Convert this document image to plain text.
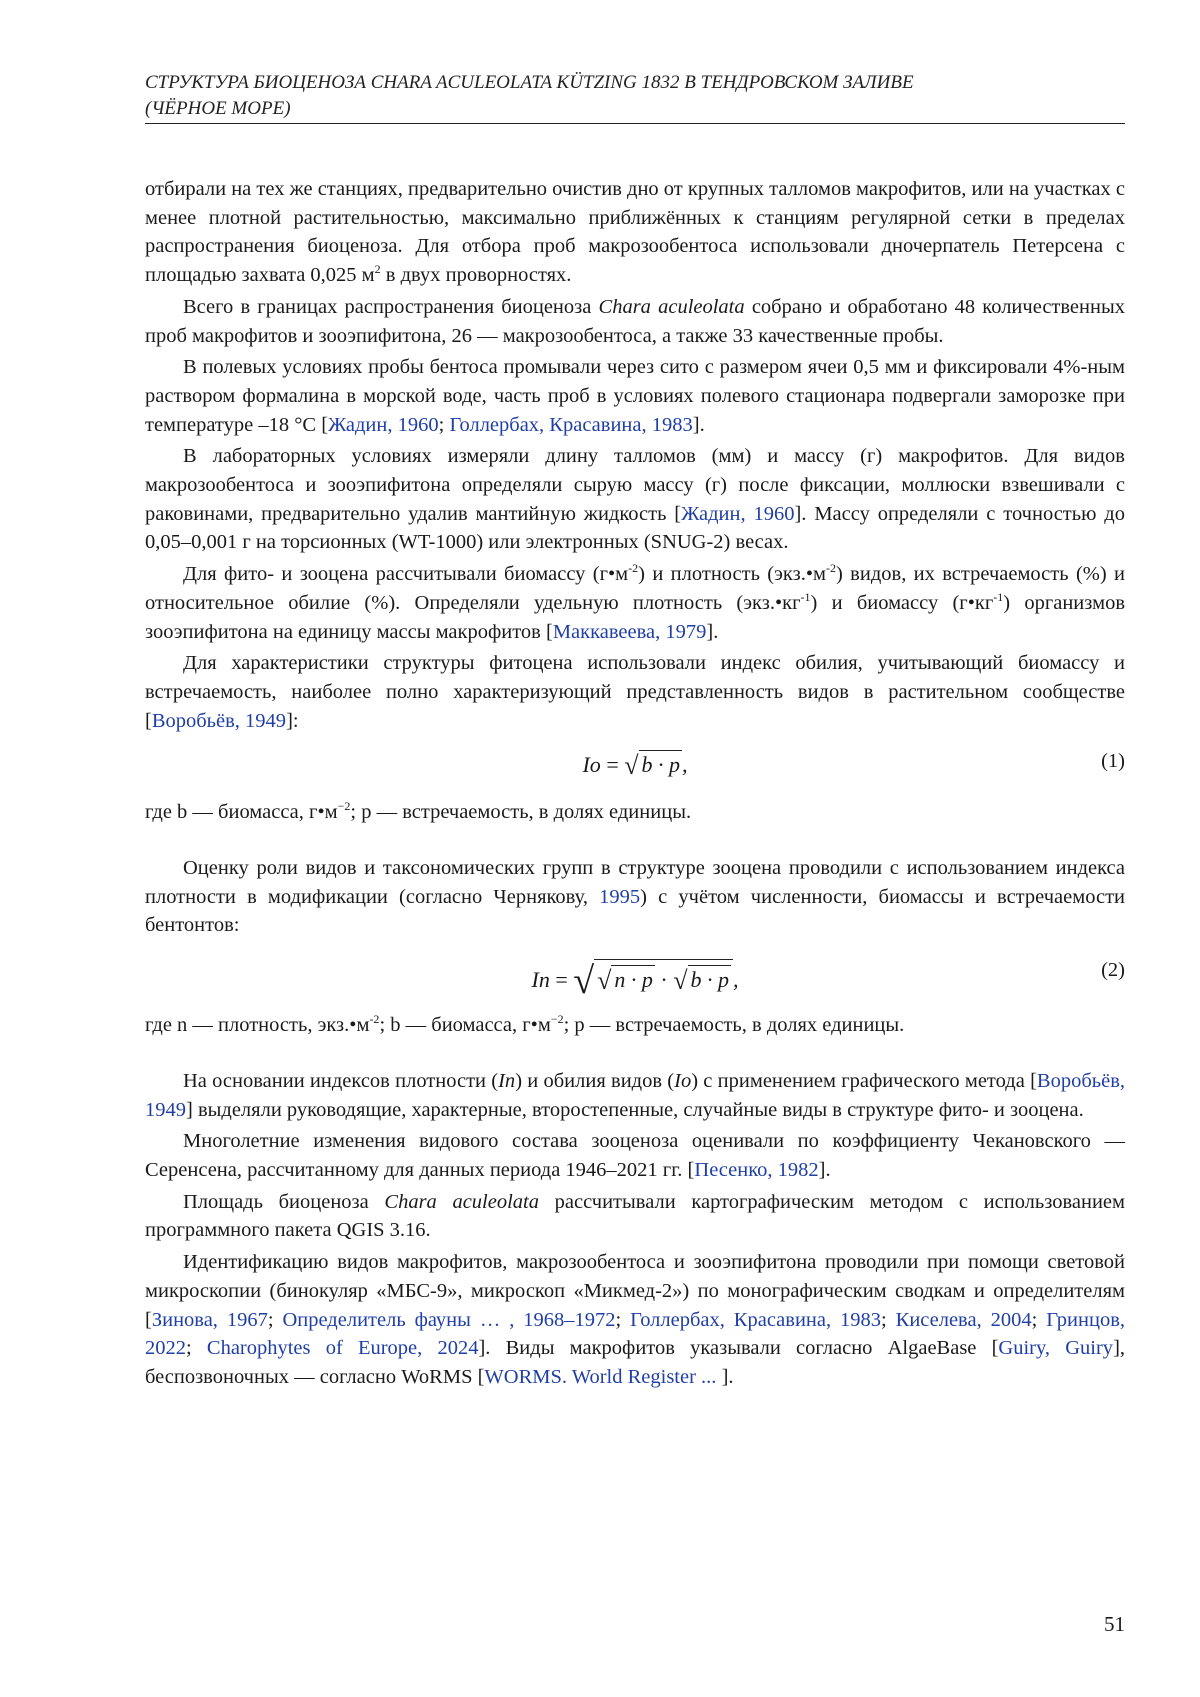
СТРУКТУРА БИОЦЕНОЗА CHARA ACULEOLATA KÜTZING 1832 В ТЕНДРОВСКОМ ЗАЛИВЕ
(ЧЁРНОЕ МОРЕ)

отбирали на тех же станциях, предварительно очистив дно от крупных талломов макрофитов, или на участках с менее плотной растительностью, максимально приближённых к станциям регулярной сетки в пределах распространения биоценоза. Для отбора проб макрозообентоса использовали дночерпатель Петерсена с площадью захвата 0,025 $м^2$ в двух проворностях.

Всего в границах распространения биоценоза Chara aculeolata собрано и обработано 48 количественных проб макрофитов и зооэпифитона, 26 — макрозообентоса, а также 33 качественные пробы.

В полевых условиях пробы бентоса промывали через сито с размером ячеи 0,5 мм и фиксировали 4%-ным раствором формалина в морской воде, часть проб в условиях полевого стационара подвергали заморозке при температуре –18 °С [Жадин, 1960; Голлербах, Красавина, 1983].

В лабораторных условиях измеряли длину талломов (мм) и массу (г) макрофитов. Для видов макрозообентоса и зооэпифитона определяли сырую массу (г) после фиксации, моллюски взвешивали с раковинами, предварительно удалив мантийную жидкость [Жадин, 1960]. Массу определяли с точностью до 0,05–0,001 г на торсионных (WT-1000) или электронных (SNUG-2) весах.

Для фито- и зооцена рассчитывали биомассу $(г•м^{-2})$ и плотность $(экз.•м^{-2})$ видов, их встречаемость (%) и относительное обилие (%). Определяли удельную плотность $(экз.•кг^{-1})$ и биомассу $(г•кг^{-1})$ организмов зооэпифитона на единицу массы макрофитов [Маккавеева, 1979].

Для характеристики структуры фитоцена использовали индекс обилия, учитывающий биомассу и встречаемость, наиболее полно характеризующий представленность видов в растительном сообществе [Воробьёв, 1949]:

Io = √ b · p,	(1)

где b — биомасса, $г•м^{-2}$; p — встречаемость, в долях единицы.

Оценку роли видов и таксономических групп в структуре зооцена проводили с использованием индекса плотности в модификации (согласно Чернякову, 1995) с учётом численности, биомассы и встречаемости бентонтов:

In = √ √ n · p · √ b · p ,	(2)

где n — плотность, $экз.•м^{-2}$; b — биомасса, $г•м^{-2}$; p — встречаемость, в долях единицы.

На основании индексов плотности (In) и обилия видов (Io) с применением графического метода [Воробьёв, 1949] выделяли руководящие, характерные, второстепенные, случайные виды в структуре фито- и зооцена.

Многолетние изменения видового состава зооценоза оценивали по коэффициенту Чекановского — Серенсена, рассчитанному для данных периода 1946–2021 гг. [Песенко, 1982].

Площадь биоценоза Chara aculeolata рассчитывали картографическим методом с использованием программного пакета QGIS 3.16.

Идентификацию видов макрофитов, макрозообентоса и зооэпифитона проводили при помощи световой микроскопии (бинокуляр «МБС-9», микроскоп «Микмед-2») по монографическим сводкам и определителям [Зинова, 1967; Определитель фауны … , 1968–1972; Голлербах, Красавина, 1983; Киселева, 2004; Гринцов, 2022; Charophytes of Europe, 2024]. Виды макрофитов указывали согласно AlgaeBase [Guiry, Guiry], беспозвоночных — согласно WoRMS [WORMS. World Register ... ].

51
